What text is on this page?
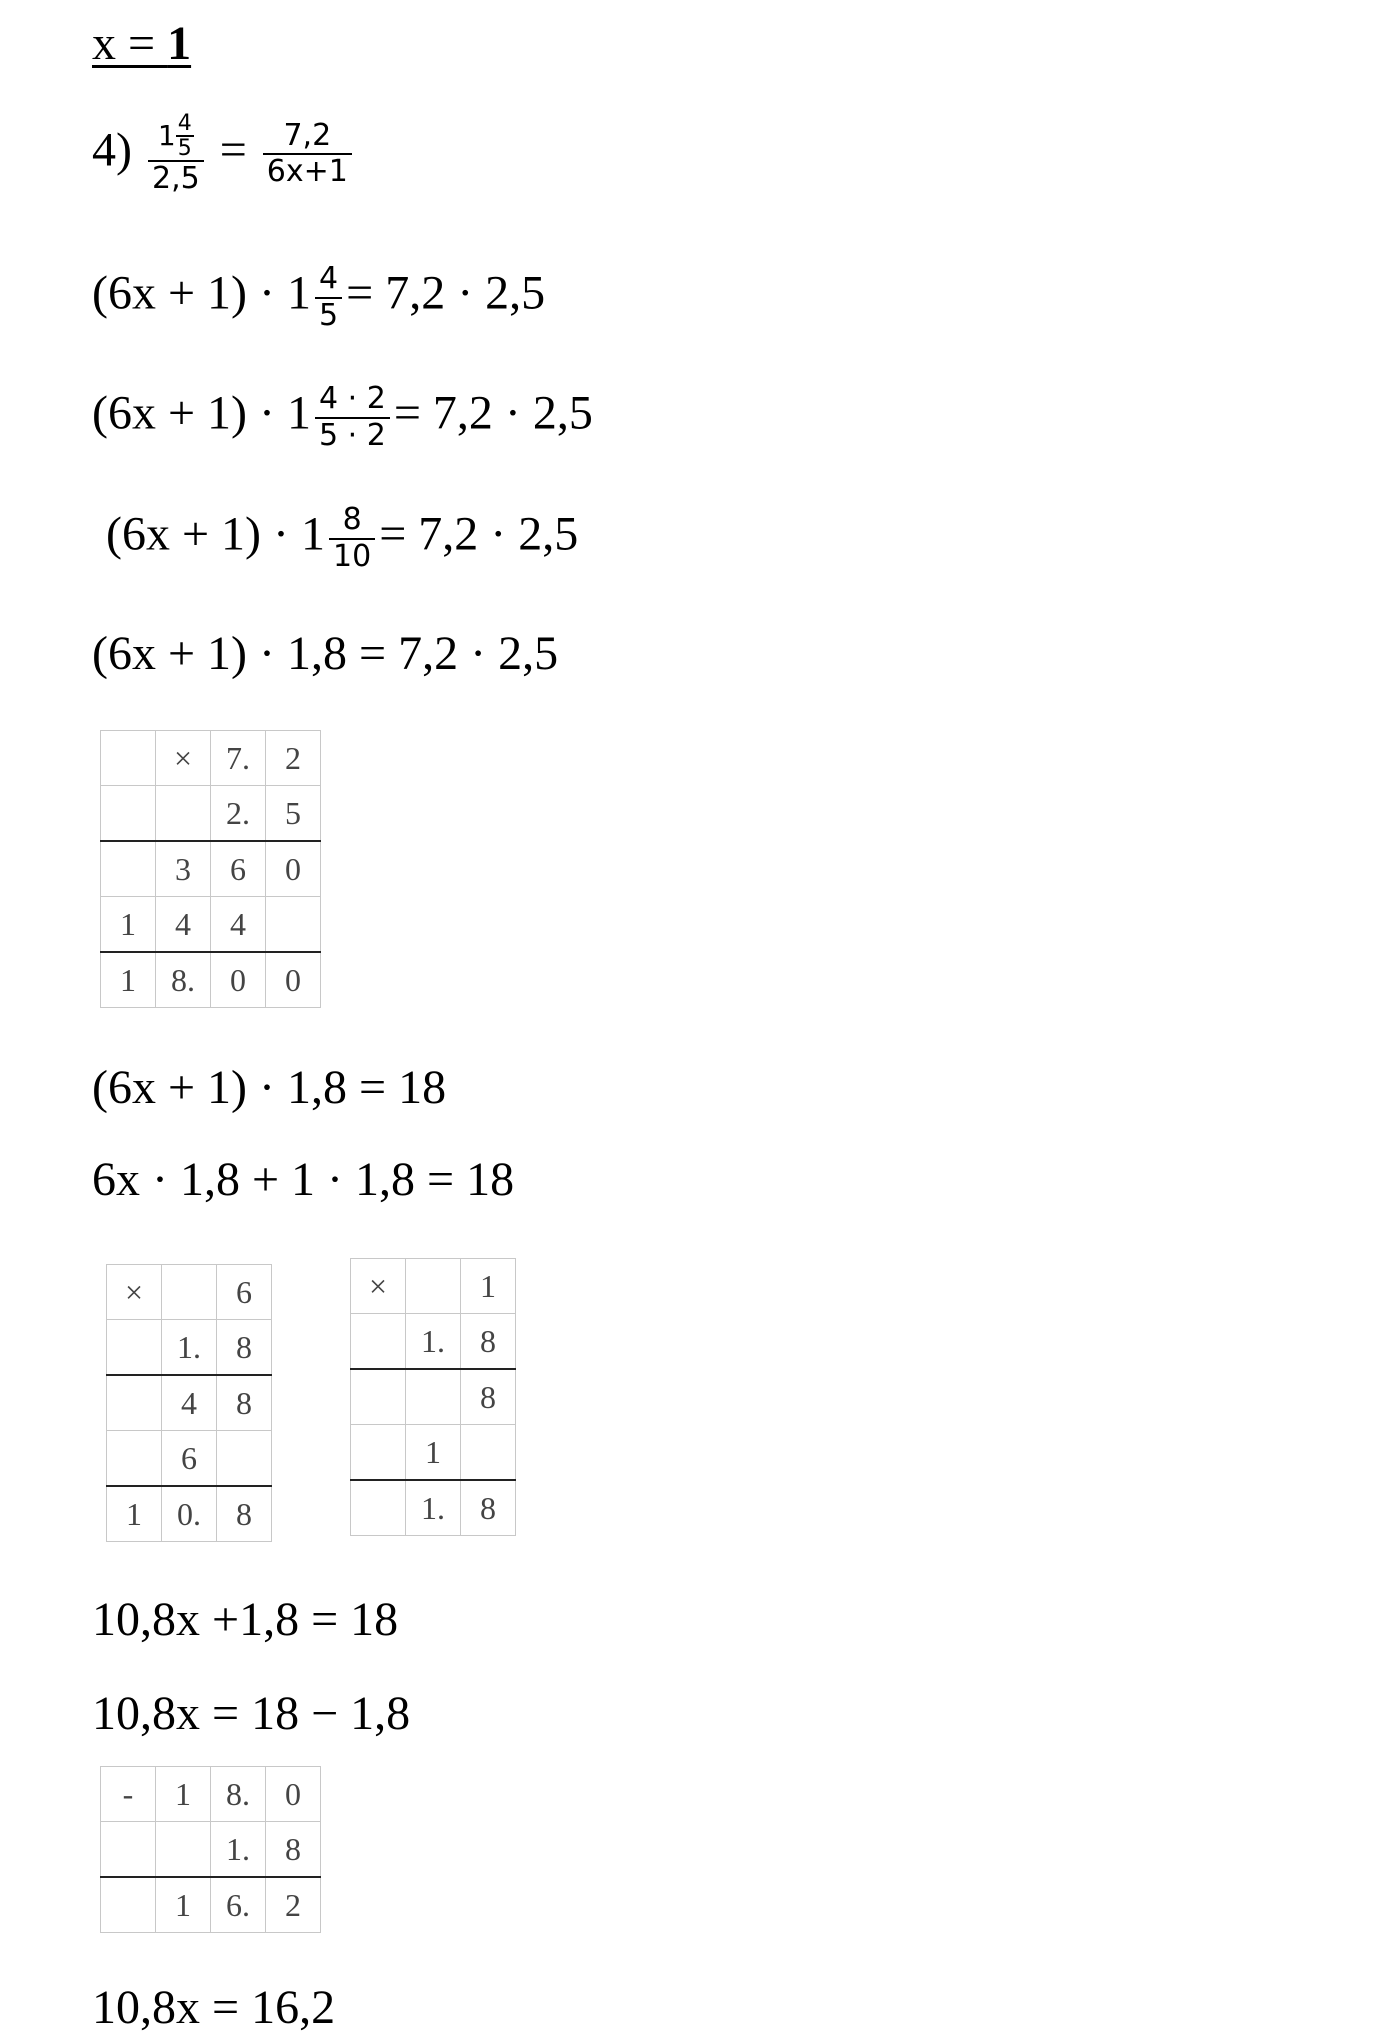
x = 1
$4) \frac{1 \frac{4}{5}}{2,5} = \frac{7,2}{6x+1}$
$(6x + 1) \cdot 1 \frac{4}{5} = 7,2 \cdot 2,5$
$(6x + 1) \cdot 1 \frac{4 \cdot 2}{5 \cdot 2} = 7,2 \cdot 2,5$
$(6x + 1) \cdot 1 \frac{8}{10} = 7,2 \cdot 2,5$
(6x + 1) · 1,8 = 7,2 · 2,5
	×	7.	2
		2.	5
	3	6	0
1	4	4	
1	8.	0	0
(6x + 1) · 1,8 = 18
6x · 1,8 + 1 · 1,8 = 18
×		6
	1.	8
	4	8
	6	
1	0.	8
×		1
	1.	8
		8
	1	
	1.	8
10,8x +1,8 = 18
10,8x = 18 − 1,8
-	1	8.	0
		1.	8
	1	6.	2
10,8x = 16,2
